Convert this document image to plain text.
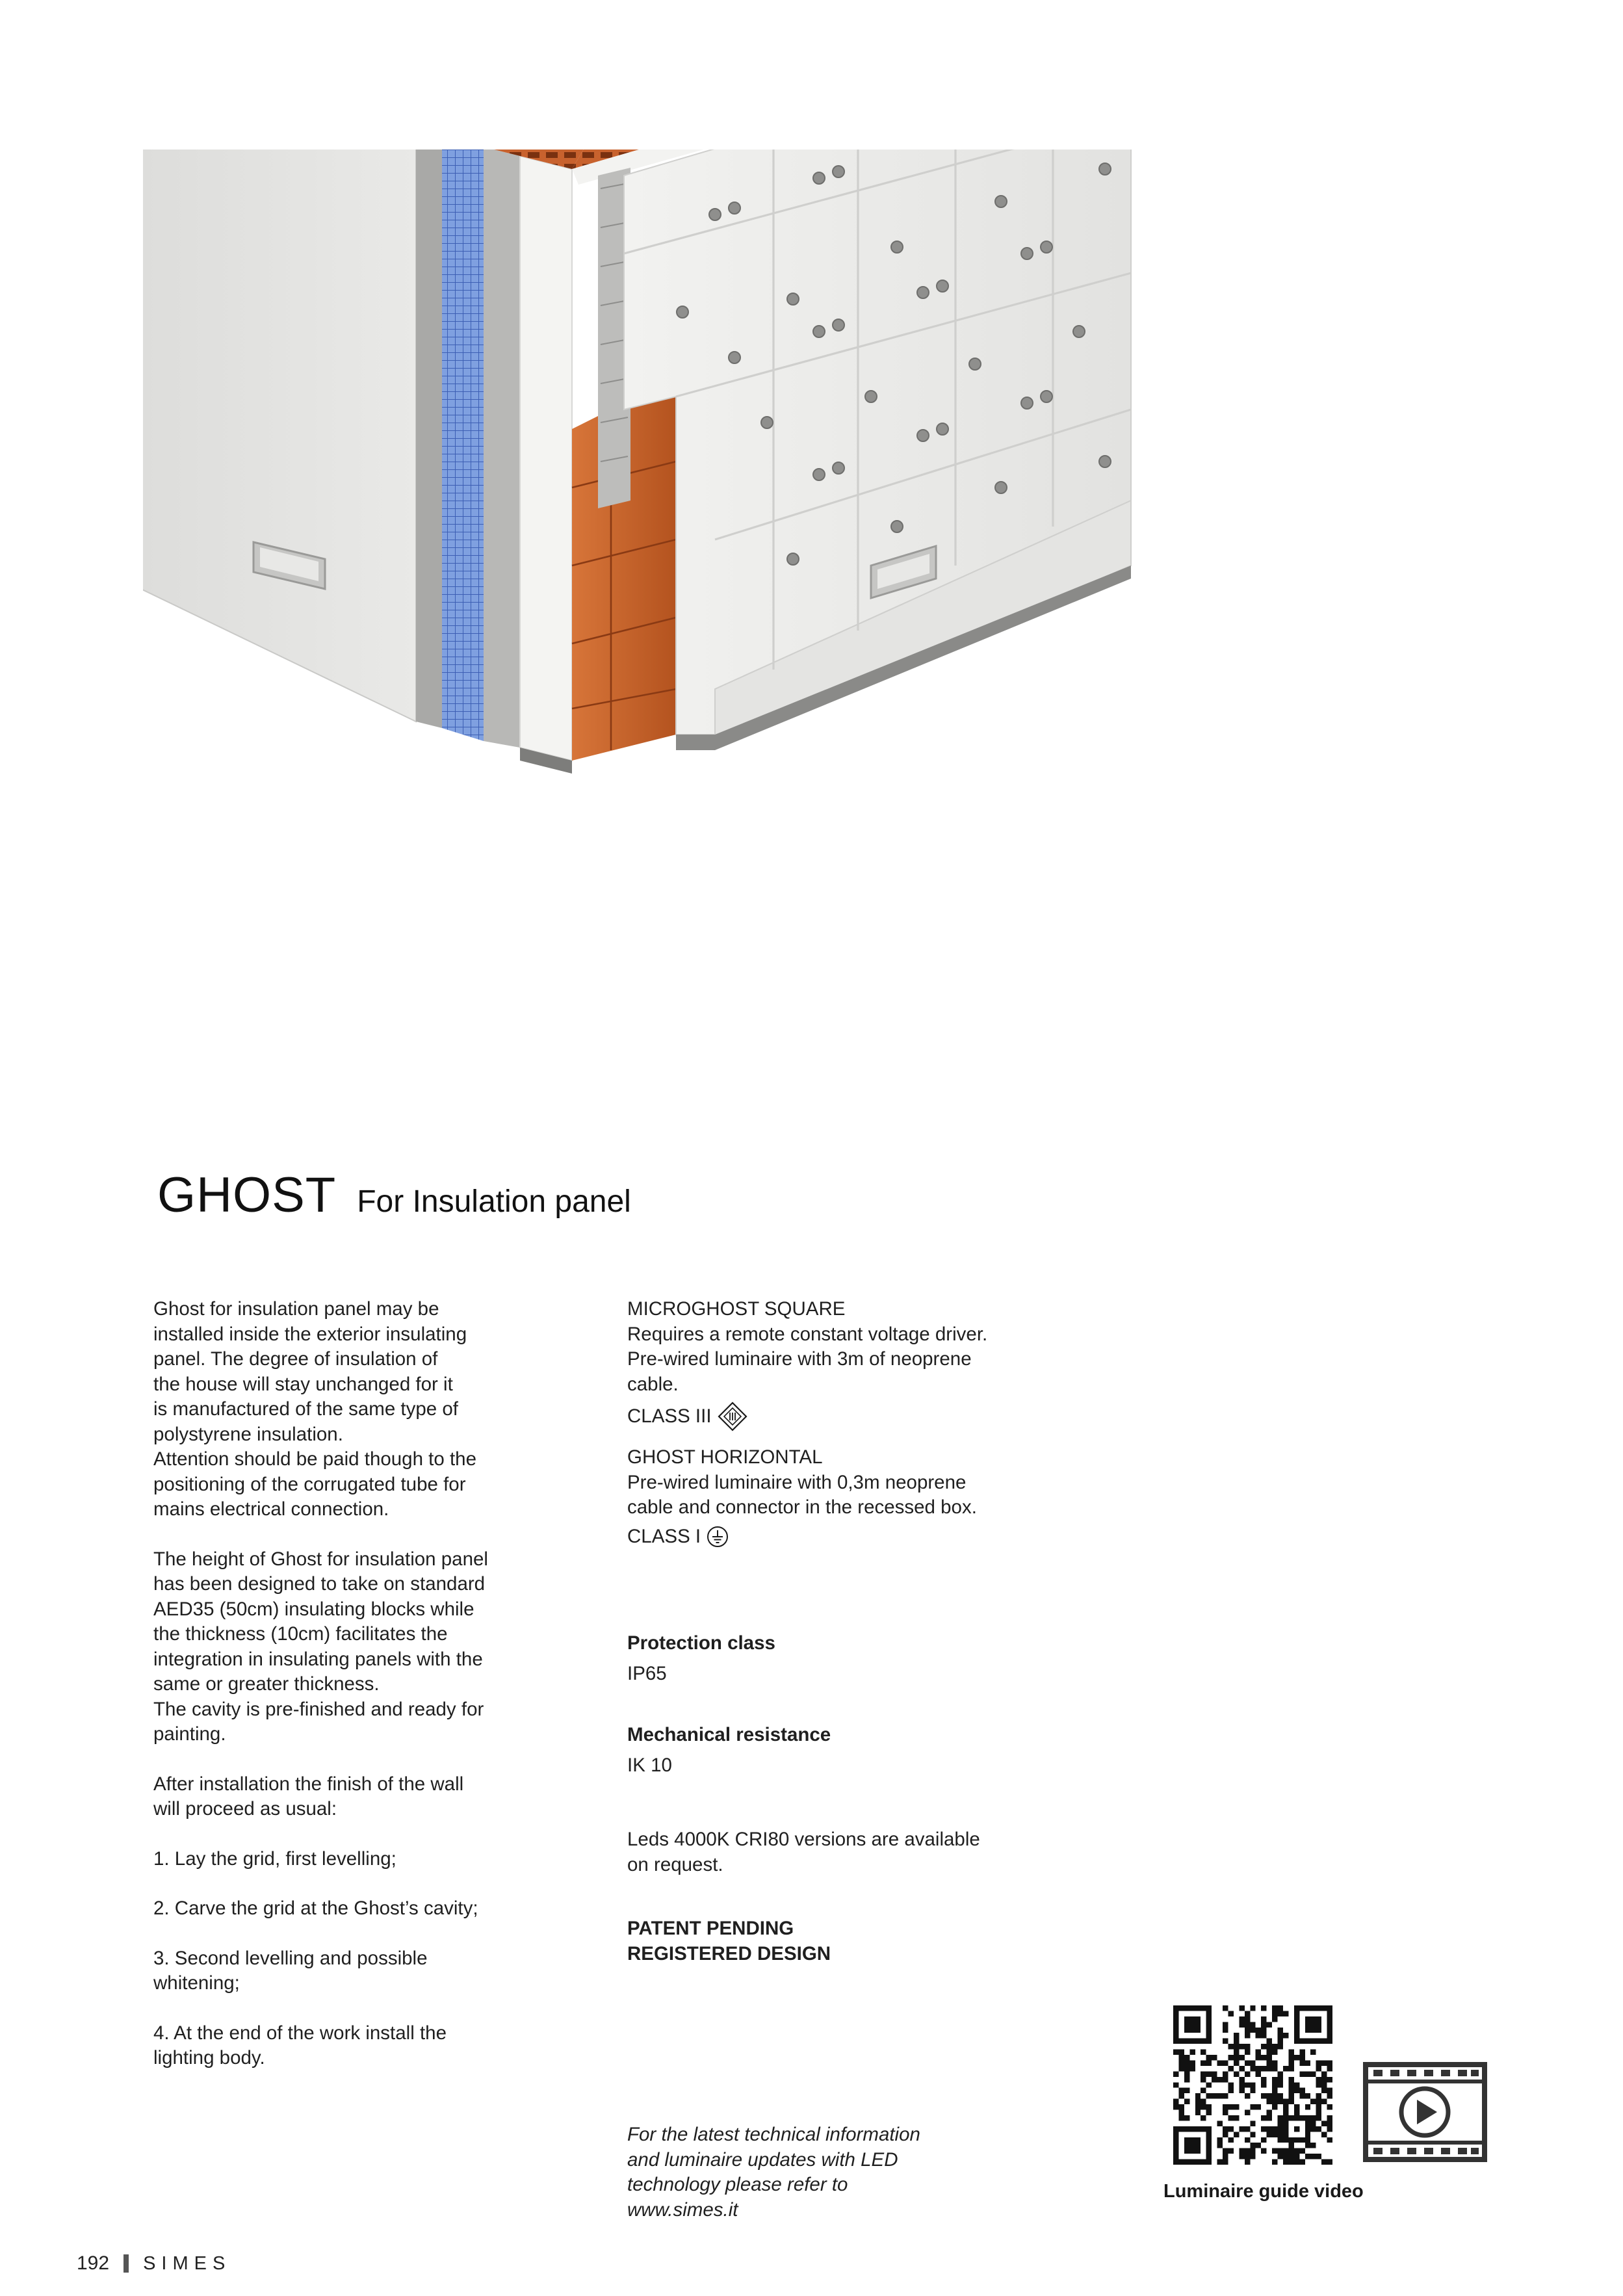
GHOST For Insulation panel

Ghost for insulation panel may be

installed inside the exterior insulating

panel. The degree of insulation of

the house will stay unchanged for it

is manufactured of the same type of

polystyrene insulation.

Attention should be paid though to the

positioning of the corrugated tube for

mains electrical connection.

The height of Ghost for insulation panel

has been designed to take on standard

AED35 (50cm) insulating blocks while

the thickness (10cm) facilitates the

integration in insulating panels with the

same or greater thickness.

The cavity is pre-finished and ready for

painting.

After installation the finish of the wall

will proceed as usual:

1. Lay the grid, first levelling;

2. Carve the grid at the Ghost’s cavity;

3. Second levelling and possible

whitening;

4. At the end of the work install the

lighting body.

MICROGHOST SQUARE

Requires a remote constant voltage driver.

Pre-wired luminaire with 3m of neoprene

cable.

CLASS III

GHOST HORIZONTAL

Pre-wired luminaire with 0,3m neoprene

cable and connector in the recessed box.

CLASS I

Protection class

IP65

Mechanical resistance

IK 10

Leds 4000K CRI80 versions are available

on request.

PATENT PENDING

REGISTERED DESIGN

For the latest technical information

and luminaire updates with LED

technology please refer to

www.simes.it

Luminaire guide video
192 SIMES
